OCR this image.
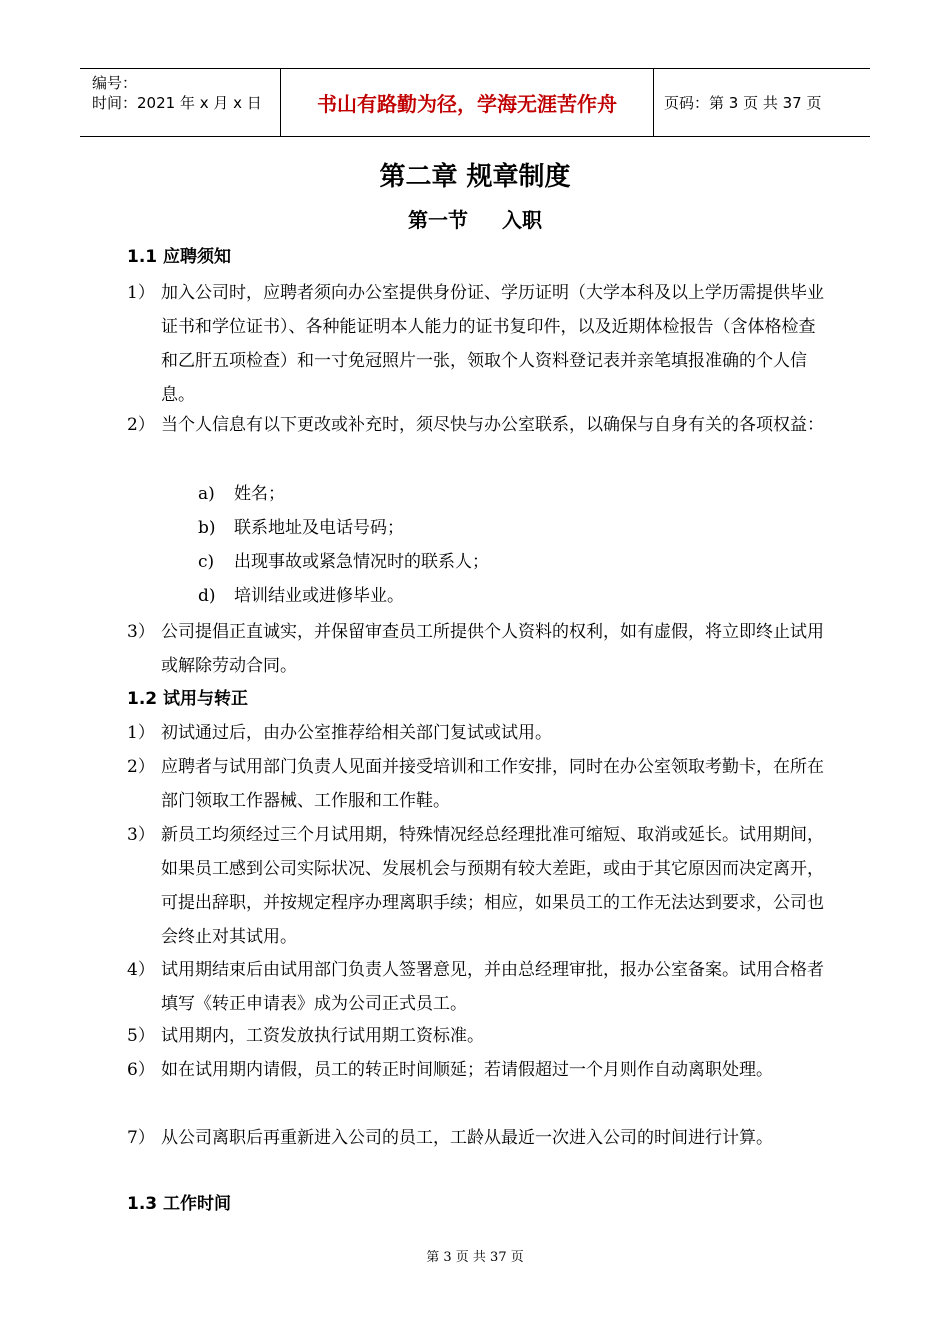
编号：
时间：2021 年 x 月 x 日	书山有路勤为径，学海无涯苦作舟	页码：第 3 页 共 37 页
第二章 规章制度
第一节 入职
1.1 应聘须知
1） 加入公司时，应聘者须向办公室提供身份证、学历证明（大学本科及以上学历需提供毕业证书和学位证书）、各种能证明本人能力的证书复印件，以及近期体检报告（含体格检查和乙肝五项检查）和一寸免冠照片一张，领取个人资料登记表并亲笔填报准确的个人信息。
2） 当个人信息有以下更改或补充时，须尽快与办公室联系，以确保与自身有关的各项权益：
a) 姓名；
b) 联系地址及电话号码；
c) 出现事故或紧急情况时的联系人；
d) 培训结业或进修毕业。
3） 公司提倡正直诚实，并保留审查员工所提供个人资料的权利，如有虚假，将立即终止试用或解除劳动合同。
1.2 试用与转正
1） 初试通过后，由办公室推荐给相关部门复试或试用。
2） 应聘者与试用部门负责人见面并接受培训和工作安排，同时在办公室领取考勤卡，在所在部门领取工作器械、工作服和工作鞋。
3） 新员工均须经过三个月试用期，特殊情况经总经理批准可缩短、取消或延长。试用期间，如果员工感到公司实际状况、发展机会与预期有较大差距，或由于其它原因而决定离开，可提出辞职，并按规定程序办理离职手续；相应，如果员工的工作无法达到要求，公司也会终止对其试用。
4） 试用期结束后由试用部门负责人签署意见，并由总经理审批，报办公室备案。试用合格者填写《转正申请表》成为公司正式员工。
5） 试用期内，工资发放执行试用期工资标准。
6） 如在试用期内请假，员工的转正时间顺延；若请假超过一个月则作自动离职处理。
7） 从公司离职后再重新进入公司的员工，工龄从最近一次进入公司的时间进行计算。
1.3 工作时间
第 3 页 共 37 页
